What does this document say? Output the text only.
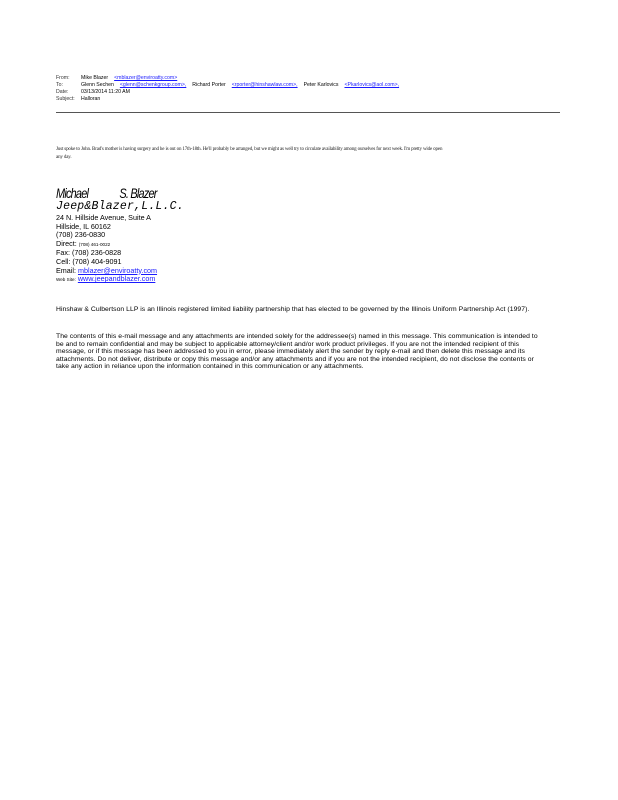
From: Mike Blazer <mblazer@enviroatty.com>
To:	Glenn Sechen <glenn@schenkgroup.com>, Richard Porter <rporter@hinshawlaw.com>, Peter Karlovics <Pkarlovics@aol.com>,
Date: 03/13/2014 11:20 AM
Subject: Halloran
Just spoke to John. Brad's mother is having surgery and he is out on 17th-18th. He'll probably be arranged, but we might as well try to circulate availability among ourselves for next week. I'm pretty wide open any day.
Michael S. Blazer
Jeep&Blazer,L.L.C.
24 N. Hillside Avenue, Suite A
Hillside, IL 60162
(708) 236-0830
Direct: (708) 461-0022
Fax: (708) 236-0828
Cell: (708) 404-9091
Email: mblazer@enviroatty.com
Web Site: www.jeepandblazer.com
Hinshaw & Culbertson LLP is an Illinois registered limited liability partnership that has elected to be governed by the Illinois Uniform Partnership Act (1997).
The contents of this e-mail message and any attachments are intended solely for the addressee(s) named in this message. This communication is intended to be and to remain confidential and may be subject to applicable attorney/client and/or work product privileges. If you are not the intended recipient of this message, or if this message has been addressed to you in error, please immediately alert the sender by reply e-mail and then delete this message and its attachments. Do not deliver, distribute or copy this message and/or any attachments and if you are not the intended recipient, do not disclose the contents or take any action in reliance upon the information contained in this communication or any attachments.
